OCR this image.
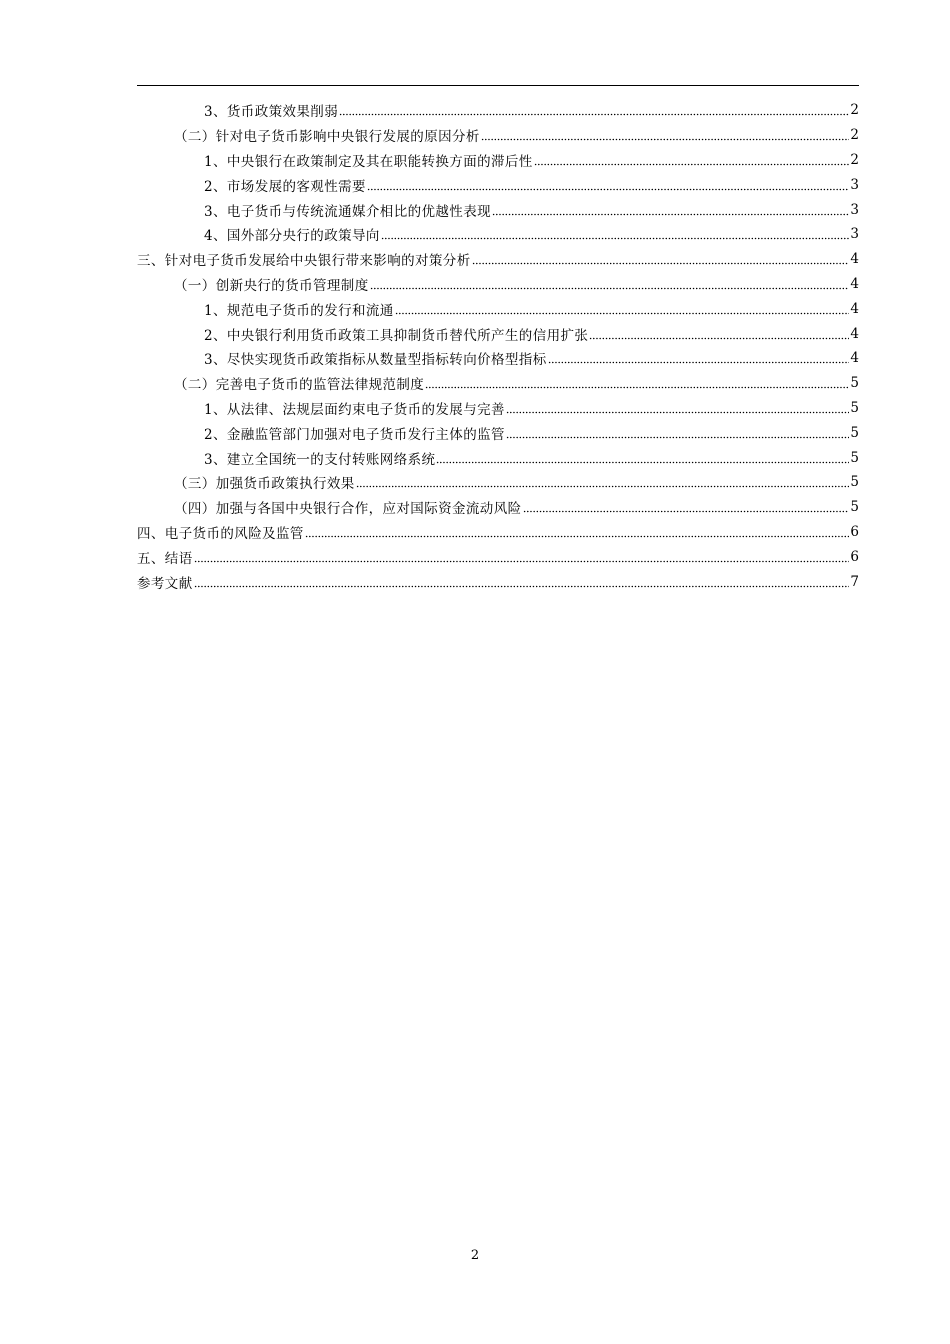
3、货币政策效果削弱	2
（二）针对电子货币影响中央银行发展的原因分析	2
1、中央银行在政策制定及其在职能转换方面的滞后性	2
2、市场发展的客观性需要	3
3、电子货币与传统流通媒介相比的优越性表现	3
4、国外部分央行的政策导向	3
三、针对电子货币发展给中央银行带来影响的对策分析	4
（一）创新央行的货币管理制度	4
1、规范电子货币的发行和流通	4
2、中央银行利用货币政策工具抑制货币替代所产生的信用扩张	4
3、尽快实现货币政策指标从数量型指标转向价格型指标	4
（二）完善电子货币的监管法律规范制度	5
1、从法律、法规层面约束电子货币的发展与完善	5
2、金融监管部门加强对电子货币发行主体的监管	5
3、建立全国统一的支付转账网络系统	5
（三）加强货币政策执行效果	5
（四）加强与各国中央银行合作，应对国际资金流动风险	5
四、电子货币的风险及监管	6
五、结语	6
参考文献	7
2
